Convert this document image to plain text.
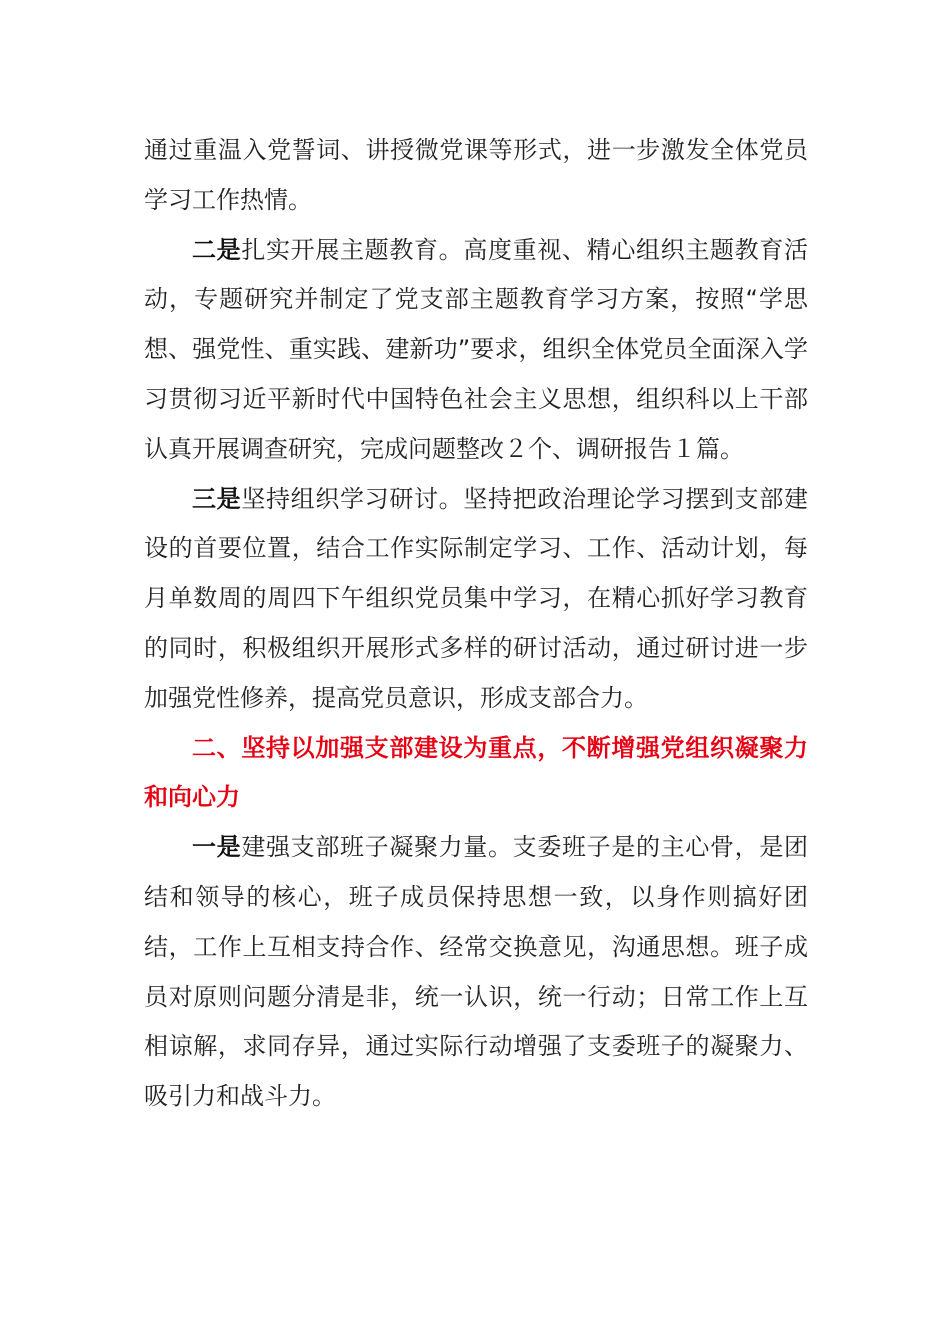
通过重温入党誓词、讲授微党课等形式，进一步激发全体党员学习工作热情。

二是扎实开展主题教育。高度重视、精心组织主题教育活动，专题研究并制定了党支部主题教育学习方案，按照“学思想、强党性、重实践、建新功”要求，组织全体党员全面深入学习贯彻习近平新时代中国特色社会主义思想，组织科以上干部认真开展调查研究，完成问题整改２个、调研报告１篇。

三是坚持组织学习研讨。坚持把政治理论学习摆到支部建设的首要位置，结合工作实际制定学习、工作、活动计划，每月单数周的周四下午组织党员集中学习，在精心抓好学习教育的同时，积极组织开展形式多样的研讨活动，通过研讨进一步加强党性修养，提高党员意识，形成支部合力。

二、坚持以加强支部建设为重点，不断增强党组织凝聚力和向心力

一是建强支部班子凝聚力量。支委班子是的主心骨，是团结和领导的核心，班子成员保持思想一致，以身作则搞好团结，工作上互相支持合作、经常交换意见，沟通思想。班子成员对原则问题分清是非，统一认识，统一行动；日常工作上互相谅解，求同存异，通过实际行动增强了支委班子的凝聚力、吸引力和战斗力。
